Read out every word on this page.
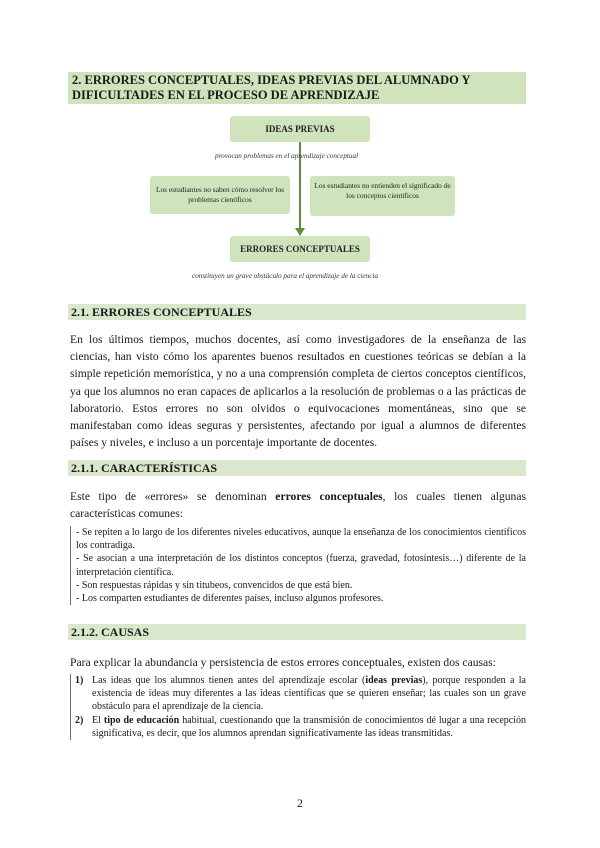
2. ERRORES CONCEPTUALES, IDEAS PREVIAS DEL ALUMNADO Y
DIFICULTADES EN EL PROCESO DE APRENDIZAJE
IDEAS PREVIAS
provocan problemas en el aprendizaje conceptual
Los estudiantes no saben cómo resolver los problemas científicos
Los estudiantes no entienden el significado de los conceptos científicos
ERRORES CONCEPTUALES
constituyen un grave obstáculo para el aprendizaje de la ciencia
2.1. ERRORES CONCEPTUALES

En los últimos tiempos, muchos docentes, así como investigadores de la enseñanza de las ciencias, han visto cómo los aparentes buenos resultados en cuestiones teóricas se debían a la simple repetición memorística, y no a una comprensión completa de ciertos conceptos científicos, ya que los alumnos no eran capaces de aplicarlos a la resolución de problemas o a las prácticas de laboratorio. Estos errores no son olvidos o equivocaciones momentáneas, sino que se manifestaban como ideas seguras y persistentes, afectando por igual a alumnos de diferentes países y niveles, e incluso a un porcentaje importante de docentes.

2.1.1. CARACTERÍSTICAS

Este tipo de «errores» se denominan errores conceptuales, los cuales tienen algunas características comunes:

- Se repiten a lo largo de los diferentes niveles educativos, aunque la enseñanza de los conocimientos científicos los contradiga.
- Se asocian a una interpretación de los distintos conceptos (fuerza, gravedad, fotosíntesis…) diferente de la interpretación científica.
- Son respuestas rápidas y sin titubeos, convencidos de que está bien.
- Los comparten estudiantes de diferentes países, incluso algunos profesores.
2.1.2. CAUSAS

Para explicar la abundancia y persistencia de estos errores conceptuales, existen dos causas:

1) Las ideas que los alumnos tienen antes del aprendizaje escolar (ideas previas), porque responden a la existencia de ideas muy diferentes a las ideas científicas que se quieren enseñar; las cuales son un grave obstáculo para el aprendizaje de la ciencia.
2) El tipo de educación habitual, cuestionando que la transmisión de conocimientos dé lugar a una recepción significativa, es decir, que los alumnos aprendan significativamente las ideas transmitidas.
2
